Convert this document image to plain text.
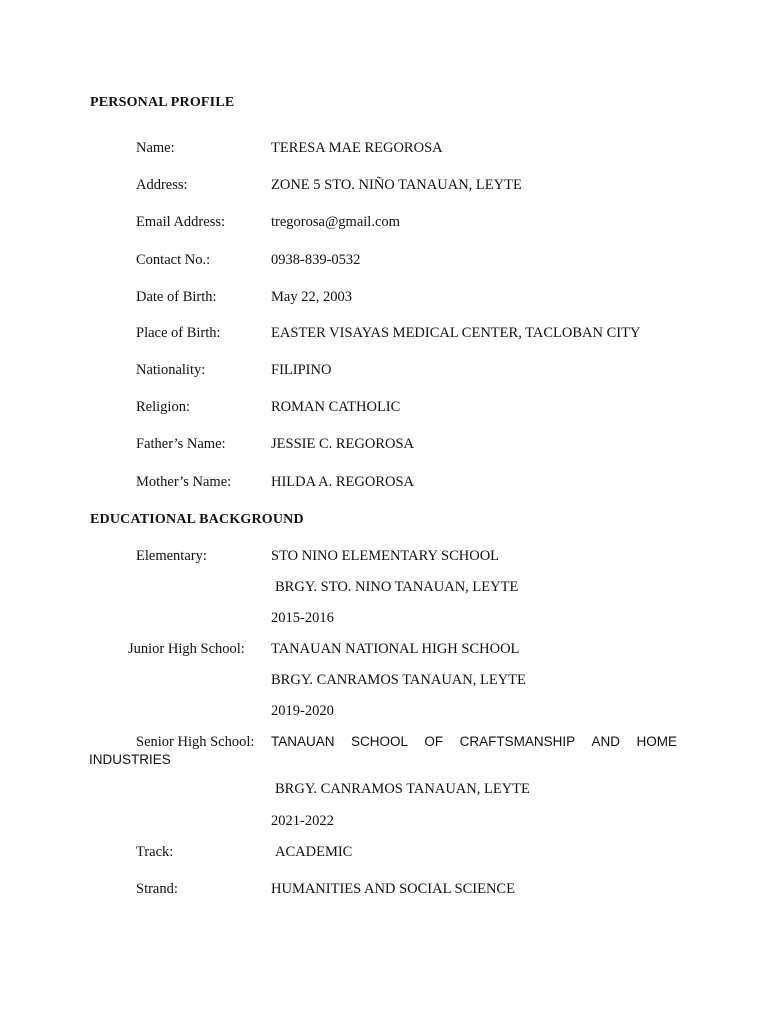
PERSONAL PROFILE
Name:	TERESA MAE REGOROSA
Address:	ZONE 5 STO. NIÑO TANAUAN, LEYTE
Email Address:	tregorosa@gmail.com
Contact No.:	0938-839-0532
Date of Birth:	May 22, 2003
Place of Birth:	EASTER VISAYAS MEDICAL CENTER, TACLOBAN CITY
Nationality:	FILIPINO
Religion:	ROMAN CATHOLIC
Father’s Name:	JESSIE C. REGOROSA
Mother’s Name:	HILDA A. REGOROSA
EDUCATIONAL BACKGROUND
Elementary:	STO NINO ELEMENTARY SCHOOL
BRGY. STO. NINO TANAUAN, LEYTE
2015-2016
Junior High School: TANAUAN NATIONAL HIGH SCHOOL
BRGY. CANRAMOS TANAUAN, LEYTE
2019-2020
Senior High School: TANAUAN SCHOOL OF CRAFTSMANSHIP AND HOME
INDUSTRIES
BRGY. CANRAMOS TANAUAN, LEYTE
2021-2022
Track:	ACADEMIC
Strand:	HUMANITIES AND SOCIAL SCIENCE
